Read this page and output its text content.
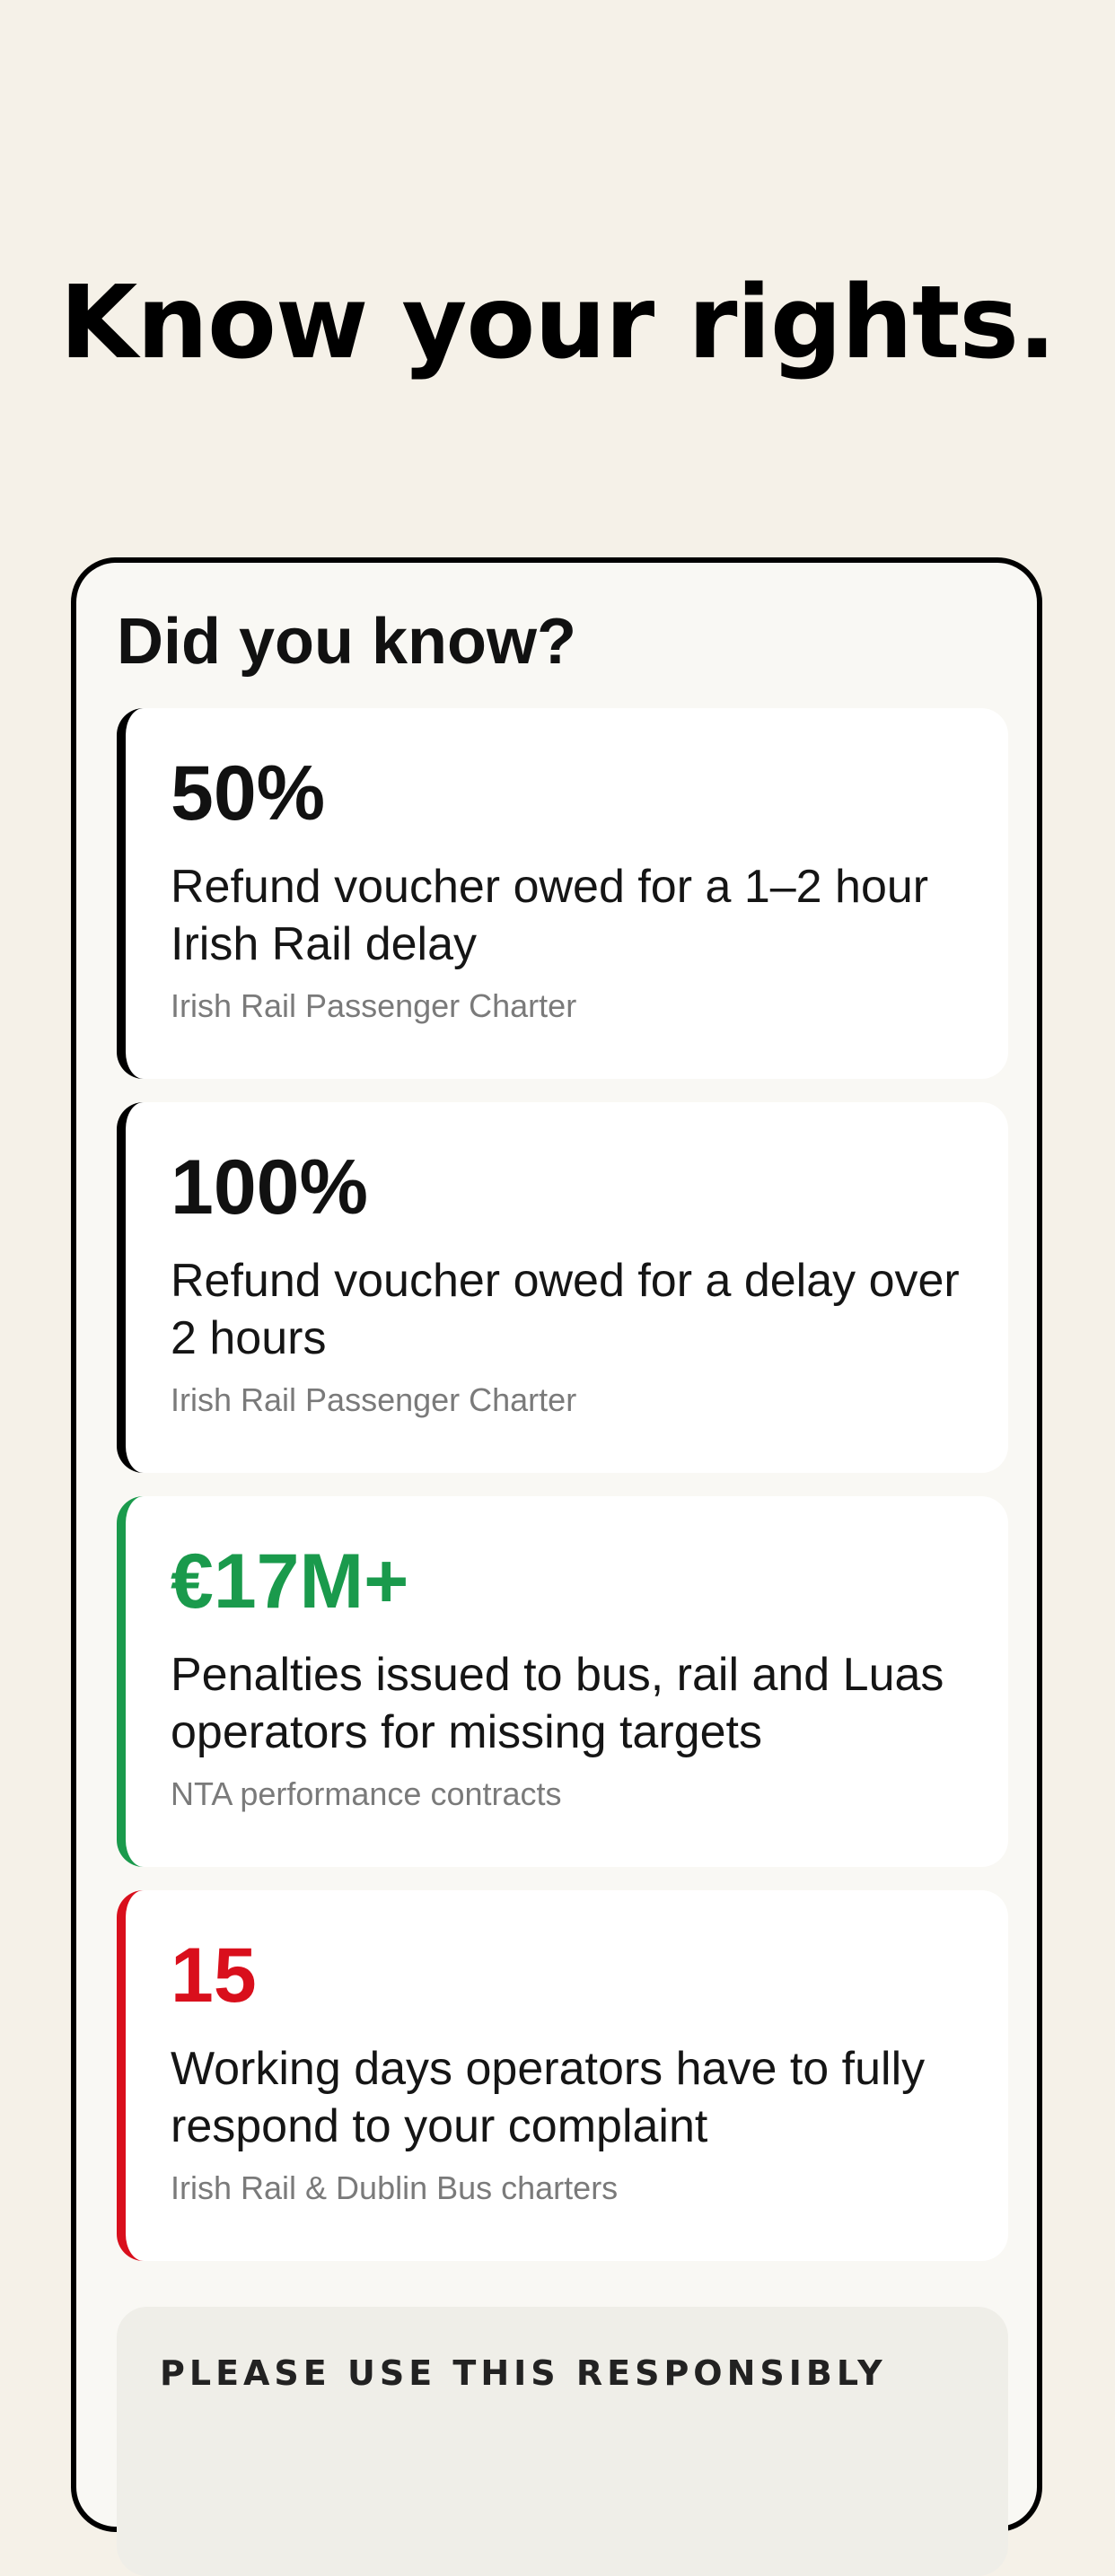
Know your rights.
Did you know?
50%
Refund voucher owed for a 1–2 hour Irish Rail delay
Irish Rail Passenger Charter
100%
Refund voucher owed for a delay over 2 hours
Irish Rail Passenger Charter
€17M+
Penalties issued to bus, rail and Luas operators for missing targets
NTA performance contracts
15
Working days operators have to fully respond to your complaint
Irish Rail & Dublin Bus charters
PLEASE USE THIS RESPONSIBLY
